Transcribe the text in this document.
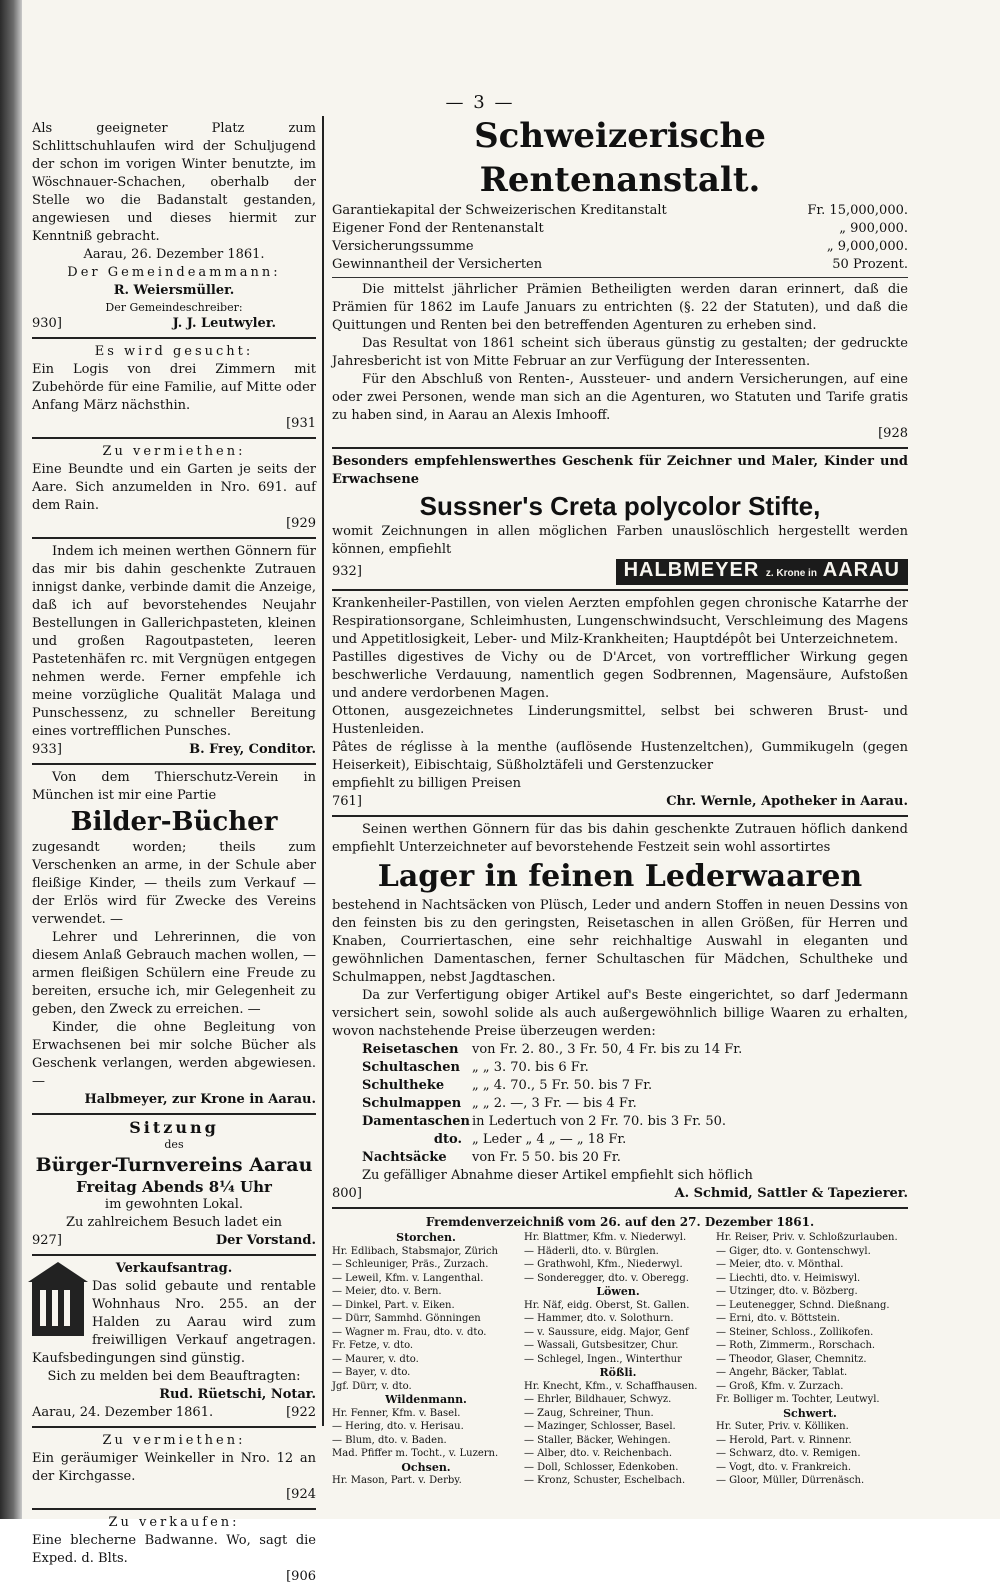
— 3 —

Als geeigneter Platz zum Schlittschuhlaufen wird der Schuljugend der schon im vorigen Winter benutzte, im Wöschnauer-Schachen, oberhalb der Stelle wo die Badanstalt gestanden, angewiesen und dieses hiermit zur Kenntniß gebracht.

Aarau, 26. Dezember 1861.

Der Gemeindeammann:

R. Weiersmüller.

Der Gemeindeschreiber:

930]	J. J. Leutwyler.

Es wird gesucht:

Ein Logis von drei Zimmern mit Zubehörde für eine Familie, auf Mitte oder Anfang März nächsthin.

[931

Zu vermiethen:

Eine Beundte und ein Garten je seits der Aare. Sich anzumelden in Nro. 691. auf dem Rain.

[929

Indem ich meinen werthen Gönnern für das mir bis dahin geschenkte Zutrauen innigst danke, verbinde damit die Anzeige, daß ich auf bevorstehendes Neujahr Bestellungen in Gallerichpasteten, kleinen und großen Ragoutpasteten, leeren Pastetenhäfen rc. mit Vergnügen entgegen nehmen werde. Ferner empfehle ich meine vorzügliche Qualität Malaga und Punschessenz, zu schneller Bereitung eines vortrefflichen Punsches.

933]	B. Frey, Conditor.

Von dem Thierschutz-Verein in München ist mir eine Partie

Bilder-Bücher

zugesandt worden; theils zum Verschenken an arme, in der Schule aber fleißige Kinder, — theils zum Verkauf — der Erlös wird für Zwecke des Vereins verwendet. —

Lehrer und Lehrerinnen, die von diesem Anlaß Gebrauch machen wollen, — armen fleißigen Schülern eine Freude zu bereiten, ersuche ich, mir Gelegenheit zu geben, den Zweck zu erreichen. —

Kinder, die ohne Begleitung von Erwachsenen bei mir solche Bücher als Geschenk verlangen, werden abgewiesen. —

Halbmeyer, zur Krone in Aarau.

Sitzung

des

Bürger-Turnvereins Aarau

Freitag Abends 8¼ Uhr

im gewohnten Lokal.

Zu zahlreichem Besuch ladet ein

927]	Der Vorstand.

Verkaufsantrag.

Das solid gebaute und rentable Wohnhaus Nro. 255. an der Halden zu Aarau wird zum freiwilligen Verkauf angetragen. Kaufsbedingungen sind günstig.

Sich zu melden bei dem Beauftragten:

Rud. Rüetschi, Notar.

Aarau, 24. Dezember 1861.	[922

Zu vermiethen:

Ein geräumiger Weinkeller in Nro. 12 an der Kirchgasse.

[924

Zu verkaufen:

Eine blecherne Badwanne. Wo, sagt die Exped. d. Blts.

[906

Schweizerische Rentenanstalt.

Garantiekapital der Schweizerischen Kreditanstalt	Fr. 15,000,000.
Eigener Fond der Rentenanstalt	„ 900,000.
Versicherungssumme	„ 9,000,000.
Gewinnantheil der Versicherten	50 Prozent.

Die mittelst jährlicher Prämien Betheiligten werden daran erinnert, daß die Prämien für 1862 im Laufe Januars zu entrichten (§. 22 der Statuten), und daß die Quittungen und Renten bei den betreffenden Agenturen zu erheben sind.

Das Resultat von 1861 scheint sich überaus günstig zu gestalten; der gedruckte Jahresbericht ist von Mitte Februar an zur Verfügung der Interessenten.

Für den Abschluß von Renten-, Aussteuer- und andern Versicherungen, auf eine oder zwei Personen, wende man sich an die Agenturen, wo Statuten und Tarife gratis zu haben sind, in Aarau an Alexis Imhooff.

[928

Besonders empfehlenswerthes Geschenk für Zeichner und Maler, Kinder und Erwachsene

Sussner's Creta polycolor Stifte,

womit Zeichnungen in allen möglichen Farben unauslöschlich hergestellt werden können, empfiehlt

932]	HALBMEYER z. Krone in AARAU

Krankenheiler-Pastillen, von vielen Aerzten empfohlen gegen chronische Katarrhe der Respirationsorgane, Schleimhusten, Lungenschwindsucht, Verschleimung des Magens und Appetitlosigkeit, Leber- und Milz-Krankheiten; Hauptdépôt bei Unterzeichnetem.

Pastilles digestives de Vichy ou de D'Arcet, von vortrefflicher Wirkung gegen beschwerliche Verdauung, namentlich gegen Sodbrennen, Magensäure, Aufstoßen und andere verdorbenen Magen.

Ottonen, ausgezeichnetes Linderungsmittel, selbst bei schweren Brust- und Hustenleiden.

Pâtes de réglisse à la menthe (auflösende Hustenzeltchen), Gummikugeln (gegen Heiserkeit), Eibischtaig, Süßholztäfeli und Gerstenzucker

empfiehlt zu billigen Preisen

761]	Chr. Wernle, Apotheker in Aarau.

Seinen werthen Gönnern für das bis dahin geschenkte Zutrauen höflich dankend empfiehlt Unterzeichneter auf bevorstehende Festzeit sein wohl assortirtes

Lager in feinen Lederwaaren

bestehend in Nachtsäcken von Plüsch, Leder und andern Stoffen in neuen Dessins von den feinsten bis zu den geringsten, Reisetaschen in allen Größen, für Herren und Knaben, Courriertaschen, eine sehr reichhaltige Auswahl in eleganten und gewöhnlichen Damentaschen, ferner Schultaschen für Mädchen, Schultheke und Schulmappen, nebst Jagdtaschen.

Da zur Verfertigung obiger Artikel auf's Beste eingerichtet, so darf Jedermann versichert sein, sowohl solide als auch außergewöhnlich billige Waaren zu erhalten, wovon nachstehende Preise überzeugen werden:

Reisetaschen	von Fr. 2. 80., 3 Fr. 50, 4 Fr. bis zu 14 Fr.
Schultaschen „ „ 3. 70. bis 6 Fr.
Schultheke	„ „ 4. 70., 5 Fr. 50. bis 7 Fr.
Schulmappen „ „ 2. —, 3 Fr. — bis 4 Fr.
Damentaschen in Ledertuch von 2 Fr. 70. bis 3 Fr. 50.
dto. „ Leder „ 4 „ — „ 18 Fr.
Nachtsäcke	von Fr. 5 50. bis 20 Fr.

Zu gefälliger Abnahme dieser Artikel empfiehlt sich höflich

800]	A. Schmid, Sattler & Tapezierer.

Fremdenverzeichniß vom 26. auf den 27. Dezember 1861.

Storchen.
Hr. Edlibach, Stabsmajor, Zürich
— Schleuniger, Präs., Zurzach.
— Leweil, Kfm. v. Langenthal.
— Meier, dto. v. Bern.
— Dinkel, Part. v. Eiken.
— Dürr, Sammhd. Gönningen
— Wagner m. Frau, dto. v. dto.
Fr. Fetze, v. dto.
— Maurer, v. dto.
— Bayer, v. dto.
Jgf. Dürr, v. dto.
Wildenmann.
Hr. Fenner, Kfm. v. Basel.
— Hering, dto. v. Herisau.
— Blum, dto. v. Baden.
Mad. Pfiffer m. Tocht., v. Luzern.
Ochsen.
Hr. Mason, Part. v. Derby.
Hr. Blattmer, Kfm. v. Niederwyl.
— Häderli, dto. v. Bürglen.
— Grathwohl, Kfm., Niederwyl.
— Sonderegger, dto. v. Oberegg.
Löwen.
Hr. Näf, eidg. Oberst, St. Gallen.
— Hammer, dto. v. Solothurn.
— v. Saussure, eidg. Major, Genf
— Wassali, Gutsbesitzer, Chur.
— Schlegel, Ingen., Winterthur
Rößli.
Hr. Knecht, Kfm., v. Schaffhausen.
— Ehrler, Bildhauer, Schwyz.
— Zaug, Schreiner, Thun.
— Mazinger, Schlosser, Basel.
— Staller, Bäcker, Wehingen.
— Alber, dto. v. Reichenbach.
— Doll, Schlosser, Edenkoben.
— Kronz, Schuster, Eschelbach.
Hr. Reiser, Priv. v. Schloßzurlauben.
— Giger, dto. v. Gontenschwyl.
— Meier, dto. v. Mönthal.
— Liechti, dto. v. Heimiswyl.
— Utzinger, dto. v. Bözberg.
— Leutenegger, Schnd. Dießnang.
— Erni, dto. v. Böttstein.
— Steiner, Schloss., Zollikofen.
— Roth, Zimmerm., Rorschach.
— Theodor, Glaser, Chemnitz.
— Angehr, Bäcker, Tablat.
— Groß, Kfm. v. Zurzach.
Fr. Bolliger m. Tochter, Leutwyl.
Schwert.
Hr. Suter, Priv. v. Kölliken.
— Herold, Part. v. Rinnenr.
— Schwarz, dto. v. Remigen.
— Vogt, dto. v. Frankreich.
— Gloor, Müller, Dürrenäsch.
